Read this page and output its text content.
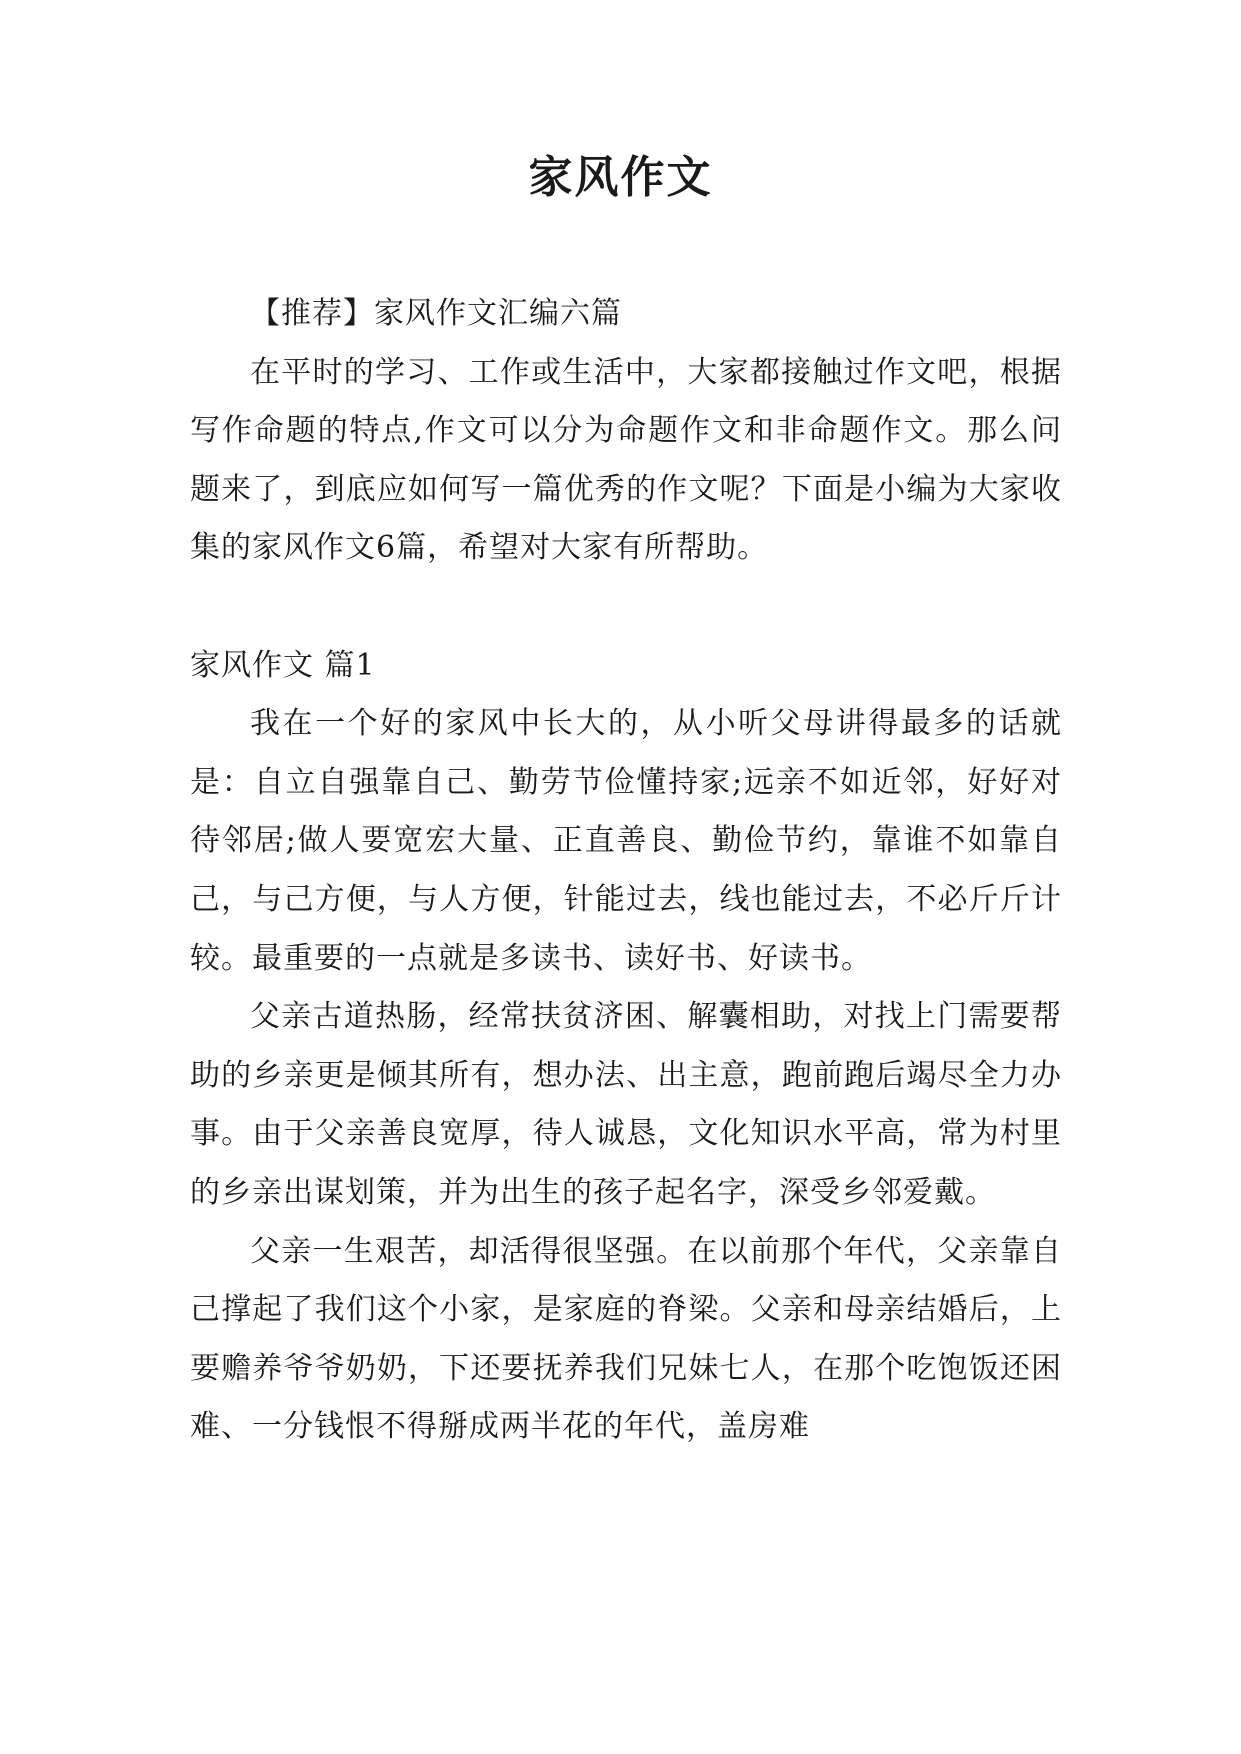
家风作文

【推荐】家风作文汇编六篇

在平时的学习、工作或生活中，大家都接触过作文吧，根据写作命题的特点,作文可以分为命题作文和非命题作文。那么问题来了，到底应如何写一篇优秀的作文呢？下面是小编为大家收集的家风作文6篇，希望对大家有所帮助。

家风作文 篇1

我在一个好的家风中长大的，从小听父母讲得最多的话就是：自立自强靠自己、勤劳节俭懂持家;远亲不如近邻，好好对待邻居;做人要宽宏大量、正直善良、勤俭节约，靠谁不如靠自己，与己方便，与人方便，针能过去，线也能过去，不必斤斤计较。最重要的一点就是多读书、读好书、好读书。

父亲古道热肠，经常扶贫济困、解囊相助，对找上门需要帮助的乡亲更是倾其所有，想办法、出主意，跑前跑后竭尽全力办事。由于父亲善良宽厚，待人诚恳，文化知识水平高，常为村里的乡亲出谋划策，并为出生的孩子起名字，深受乡邻爱戴。

父亲一生艰苦，却活得很坚强。在以前那个年代，父亲靠自己撑起了我们这个小家，是家庭的脊梁。父亲和母亲结婚后，上要赡养爷爷奶奶，下还要抚养我们兄妹七人，在那个吃饱饭还困难、一分钱恨不得掰成两半花的年代，盖房难
